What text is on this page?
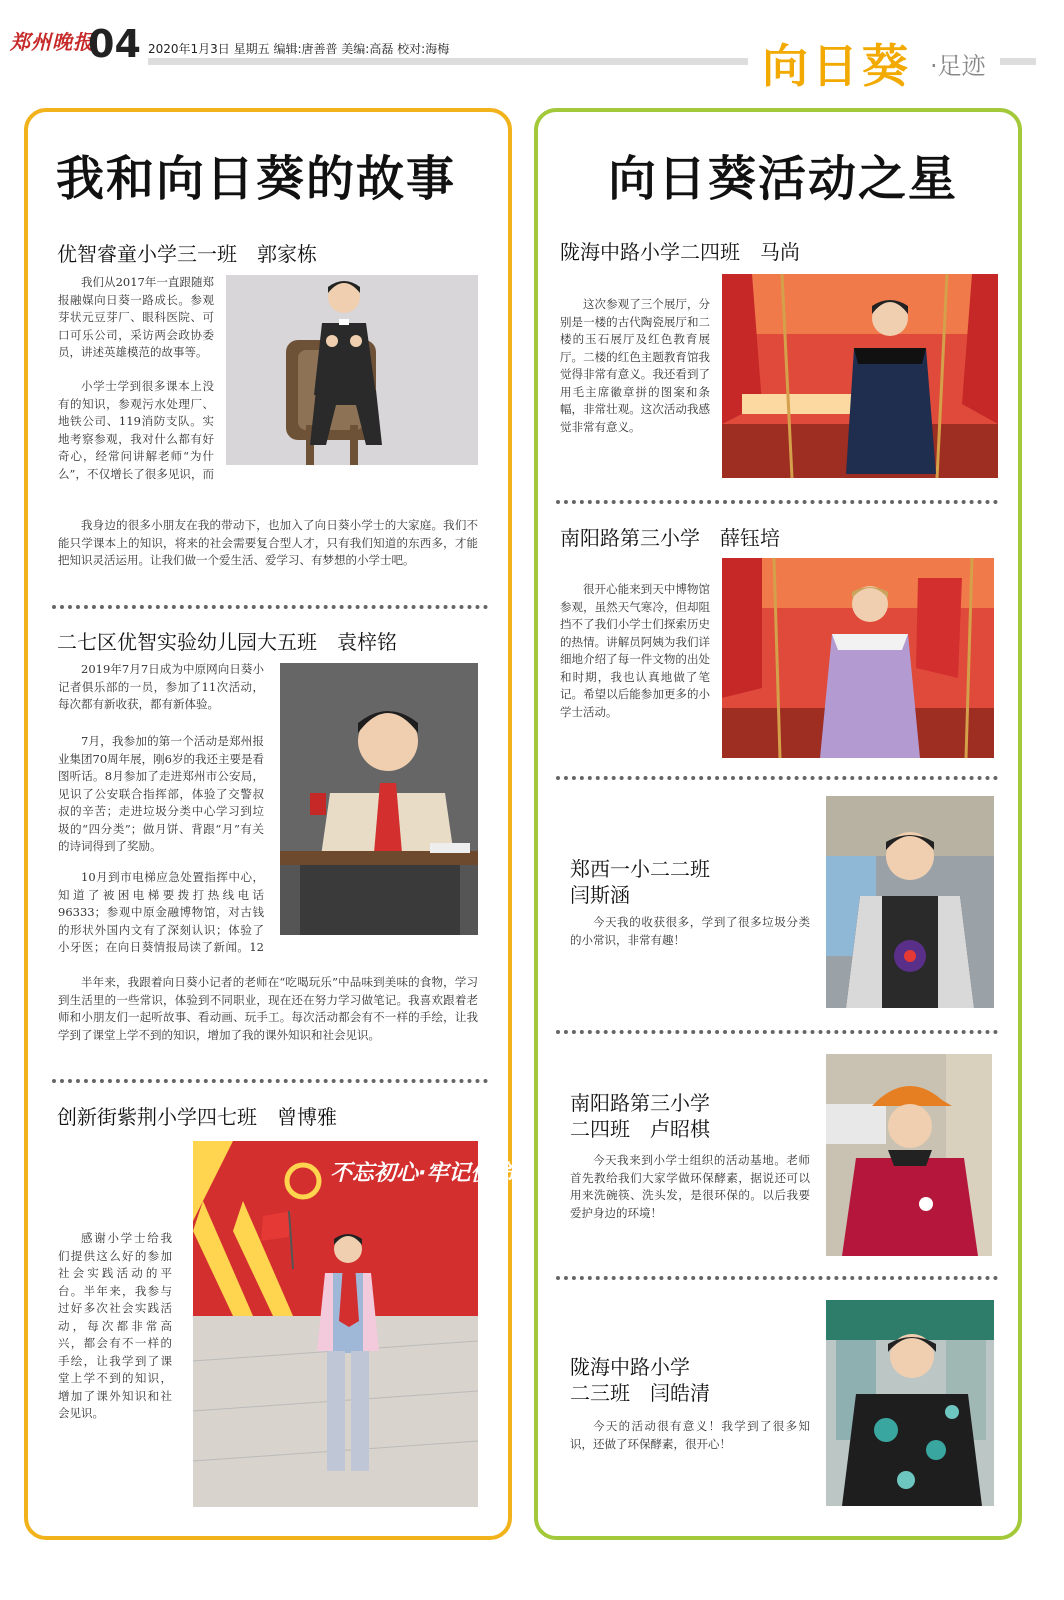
郑州晚报
04 2020年1月3日 星期五 编辑:唐善普 美编:高磊 校对:海梅	向日葵 ·足迹
我和向日葵的故事
优智睿童小学三一班　郭家栋
我们从2017年一直跟随郑报融媒向日葵一路成长。参观芽状元豆芽厂、眼科医院、可口可乐公司，采访两会政协委员，讲述英雄模范的故事等。
小学士学到很多课本上没有的知识，参观污水处理厂、地铁公司、119消防支队。实地考察参观，我对什么都有好奇心，经常问讲解老师“为什么”，不仅增长了很多见识，而
我身边的很多小朋友在我的带动下，也加入了向日葵小学士的大家庭。我们不能只学课本上的知识，将来的社会需要复合型人才，只有我们知道的东西多，才能把知识灵活运用。让我们做一个爱生活、爱学习、有梦想的小学士吧。
二七区优智实验幼儿园大五班　袁梓铭
2019年7月7日成为中原网向日葵小记者俱乐部的一员，参加了11次活动，每次都有新收获，都有新体验。
7月，我参加的第一个活动是郑州报业集团70周年展，刚6岁的我还主要是看图听话。8月参加了走进郑州市公安局，见识了公安联合指挥部，体验了交警叔叔的辛苦；走进垃圾分类中心学习到垃圾的“四分类”；做月饼、背跟“月”有关的诗词得到了奖励。
10月到市电梯应急处置指挥中心，知道了被困电梯要拨打热线电话96333；参观中原金融博物馆，对古钱的形状外国内文有了深刻认识；体验了小牙医；在向日葵情报局读了新闻。12
半年来，我跟着向日葵小记者的老师在“吃喝玩乐”中品味到美味的食物，学习到生活里的一些常识，体验到不同职业，现在还在努力学习做笔记。我喜欢跟着老师和小朋友们一起听故事、看动画、玩手工。每次活动都会有不一样的手绘，让我学到了课堂上学不到的知识，增加了我的课外知识和社会见识。
创新街紫荆小学四七班　曾博雅
不忘初心·牢记使命
感谢小学士给我们提供这么好的参加社会实践活动的平台。半年来，我参与过好多次社会实践活动，每次都非常高兴，都会有不一样的手绘，让我学到了课堂上学不到的知识，增加了课外知识和社会见识。
向日葵活动之星
陇海中路小学二四班　马尚
这次参观了三个展厅，分别是一楼的古代陶瓷展厅和二楼的玉石展厅及红色教育展厅。二楼的红色主题教育馆我觉得非常有意义。我还看到了用毛主席徽章拼的图案和条幅，非常壮观。这次活动我感觉非常有意义。
南阳路第三小学　薛钰培
很开心能来到天中博物馆参观，虽然天气寒冷，但却阻挡不了我们小学士们探索历史的热情。讲解员阿姨为我们详细地介绍了每一件文物的出处和时期，我也认真地做了笔记。希望以后能参加更多的小学士活动。
郑西一小二二班
闫斯涵
今天我的收获很多，学到了很多垃圾分类的小常识，非常有趣！
南阳路第三小学
二四班　卢昭棋
今天我来到小学士组织的活动基地。老师首先教给我们大家学做环保酵素，据说还可以用来洗碗筷、洗头发，是很环保的。以后我要爱护身边的环境！
陇海中路小学
二三班　闫皓清
今天的活动很有意义！我学到了很多知识，还做了环保酵素，很开心！
